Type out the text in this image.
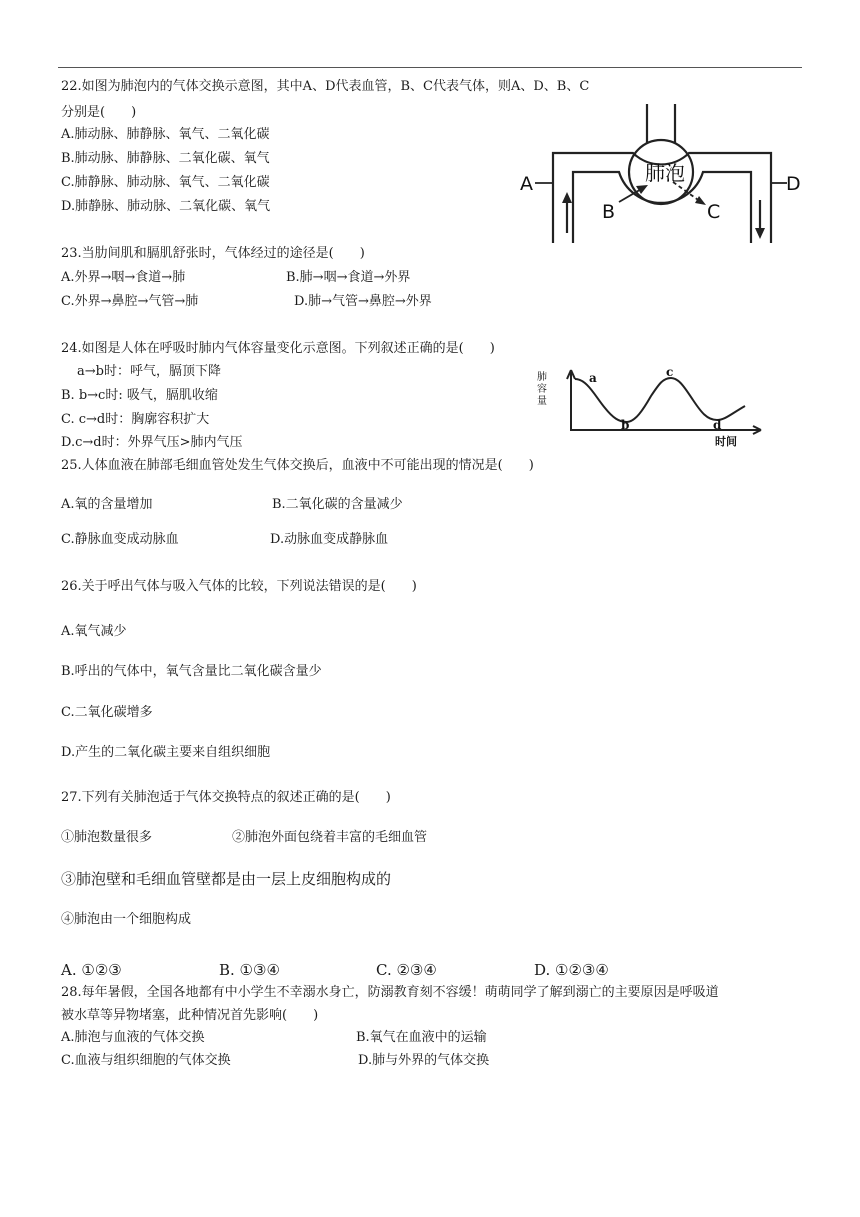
22.如图为肺泡内的气体交换示意图，其中A、D代表血管，B、C代表气体，则A、D、B、C
分别是(　　)
A.肺动脉、肺静脉、氧气、二氧化碳
B.肺动脉、肺静脉、二氧化碳、氧气
C.肺静脉、肺动脉、氧气、二氧化碳
D.肺静脉、肺动脉、二氧化碳、氧气
肺泡
A
B	C
D
23.当肋间肌和膈肌舒张时，气体经过的途径是(　　)
A.外界→咽→食道→肺	B.肺→咽→食道→外界
C.外界→鼻腔→气管→肺	D.肺→气管→鼻腔→外界
24.如图是人体在呼吸时肺内气体容量变化示意图。下列叙述正确的是(　　)
a→b时：呼气，膈顶下降
B. b→c时: 吸气，膈肌收缩
C. c→d时：胸廓容积扩大
D.c→d时：外界气压>肺内气压
肺容量
a
b
c
d
时间
25.人体血液在肺部毛细血管处发生气体交换后，血液中不可能出现的情况是(　　)
A.氧的含量增加	B.二氧化碳的含量减少
C.静脉血变成动脉血	D.动脉血变成静脉血
26.关于呼出气体与吸入气体的比较，下列说法错误的是(　　)
A.氧气减少
B.呼出的气体中，氧气含量比二氧化碳含量少
C.二氧化碳增多
D.产生的二氧化碳主要来自组织细胞
27.下列有关肺泡适于气体交换特点的叙述正确的是(　　)
①肺泡数量很多	②肺泡外面包绕着丰富的毛细血管
③肺泡壁和毛细血管壁都是由一层上皮细胞构成的
④肺泡由一个细胞构成
A. ①②③	B. ①③④	C. ②③④	D. ①②③④
28.每年暑假，全国各地都有中小学生不幸溺水身亡，防溺教育刻不容缓！萌萌同学了解到溺亡的主要原因是呼吸道
被水草等异物堵塞，此种情况首先影响(　　)
A.肺泡与血液的气体交换	B.氧气在血液中的运输
C.血液与组织细胞的气体交换	D.肺与外界的气体交换
